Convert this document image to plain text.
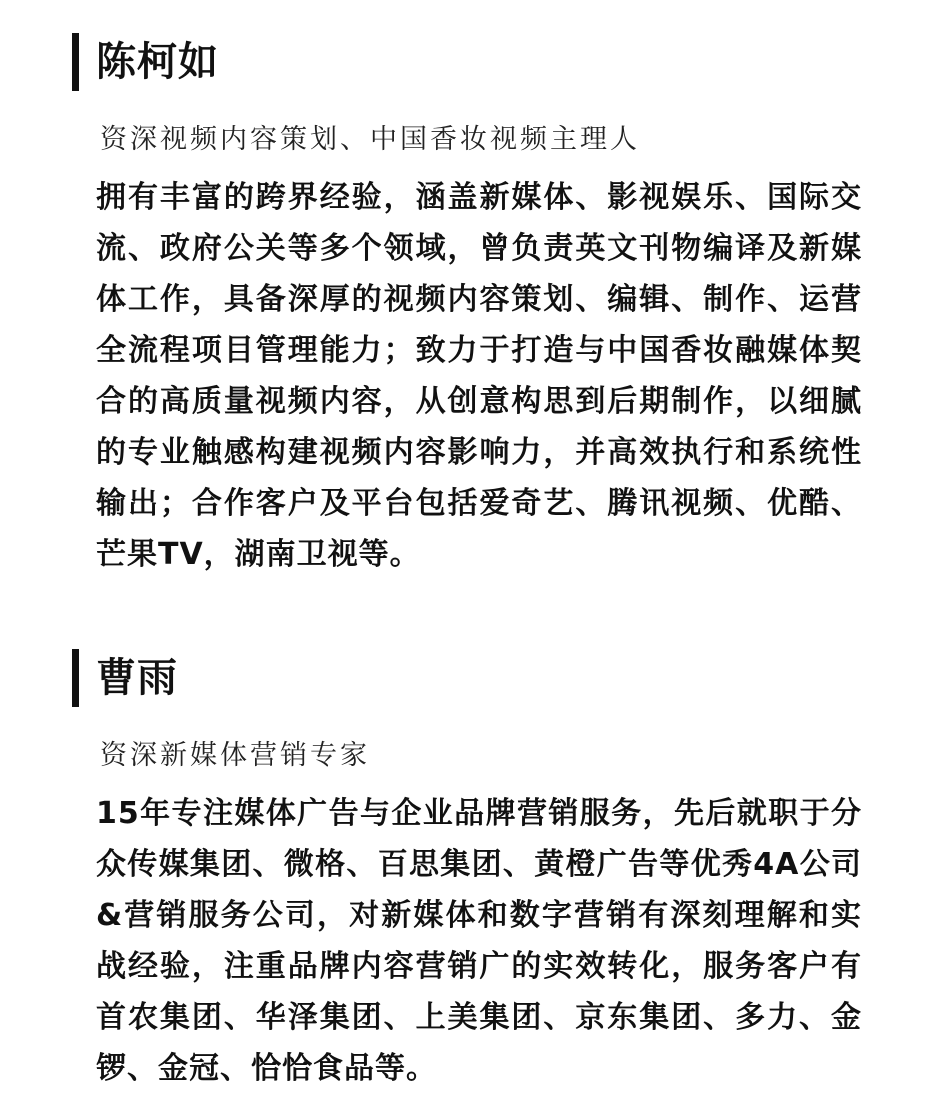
陈柯如
资深视频内容策划、中国香妆视频主理人
拥有丰富的跨界经验，涵盖新媒体、影视娱乐、国际交流、政府公关等多个领域，曾负责英文刊物编译及新媒体工作，具备深厚的视频内容策划、编辑、制作、运营全流程项目管理能力；致力于打造与中国香妆融媒体契合的高质量视频内容，从创意构思到后期制作，以细腻的专业触感构建视频内容影响力，并高效执行和系统性输出；合作客户及平台包括爱奇艺、腾讯视频、优酷、芒果TV，湖南卫视等。
曹雨
资深新媒体营销专家
15年专注媒体广告与企业品牌营销服务，先后就职于分众传媒集团、微格、百思集团、黄橙广告等优秀4A公司&营销服务公司，对新媒体和数字营销有深刻理解和实战经验，注重品牌内容营销广的实效转化，服务客户有首农集团、华泽集团、上美集团、京东集团、多力、金锣、金冠、恰恰食品等。
